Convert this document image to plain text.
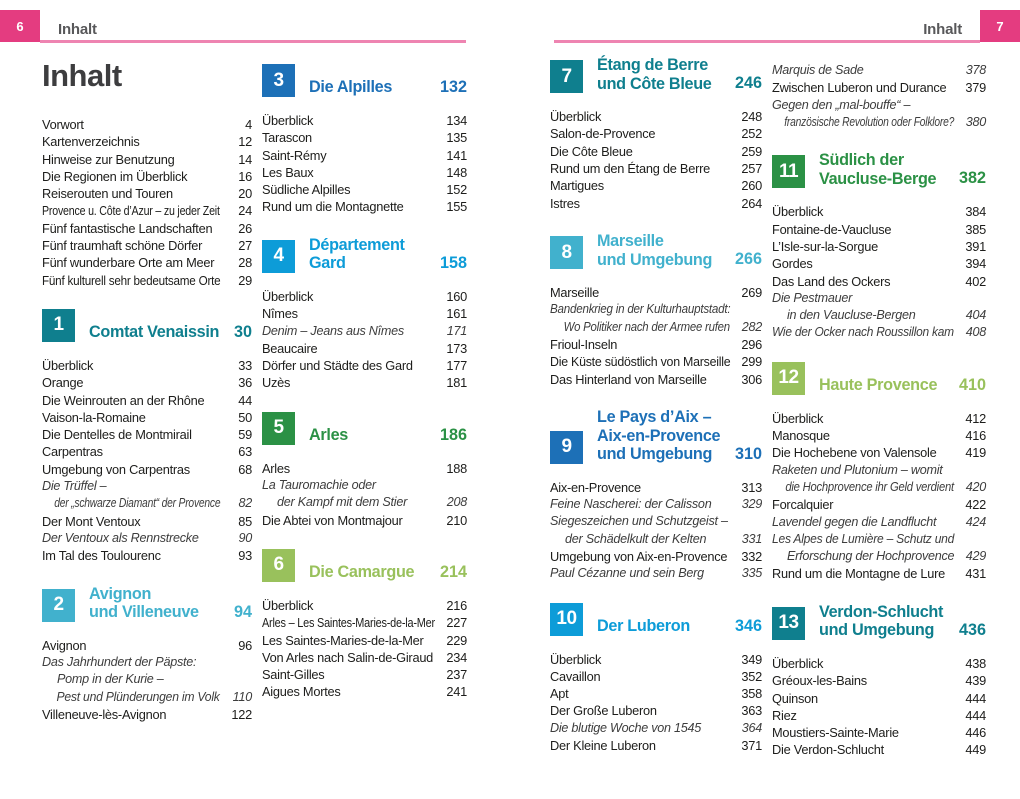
6	Inhalt	7
Inhalt
Inhalt
Vorwort	4
Kartenverzeichnis	12
Hinweise zur Benutzung	14
Die Regionen im Überblick	16
Reiserouten und Touren	20
Provence u. Côte d’Azur – zu jeder Zeit 24
Fünf fantastische Landschaften 26
Fünf traumhaft schöne Dörfer	27
Fünf wunderbare Orte am Meer 28
Fünf kulturell sehr bedeutsame Orte 29
1	Comtat Venaissin 30
Überblick	33
Orange	36
Die Weinrouten an der Rhône	44
Vaison-la-Romaine	50
Die Dentelles de Montmirail	59
Carpentras	63
Umgebung von Carpentras	68
Die Trüffel –
der „schwarze Diamant“ der Provence 82
Der Mont Ventoux	85
Der Ventoux als Rennstrecke	90
Im Tal des Toulourenc	93
2
Avignon
und Villeneuve	94
Avignon	96
Das Jahrhundert der Päpste:
Pomp in der Kurie –
Pest und Plünderungen im Volk 110
Villeneuve-lès-Avignon	122
3	Die Alpilles	132
Überblick	134
Tarascon	135
Saint-Rémy	141
Les Baux	148
Südliche Alpilles	152
Rund um die Montagnette	155
4
Département
Gard	158
Überblick	160
Nîmes	161
Denim – Jeans aus Nîmes	171
Beaucaire	173
Dörfer und Städte des Gard	177
Uzès	181
5	Arles	186
Arles	188
La Tauromachie oder
der Kampf mit dem Stier	208
Die Abtei von Montmajour	210
6	Die Camargue	214
Überblick	216
Arles – Les Saintes-Maries-de-la-Mer 227
Les Saintes-Maries-de-la-Mer 229
Von Arles nach Salin-de-Giraud 234
Saint-Gilles	237
Aigues Mortes	241
7
Étang de Berre
und Côte Bleue	246
Überblick	248
Salon-de-Provence	252
Die Côte Bleue	259
Rund um den Étang de Berre 257
Martigues	260
Istres	264
8
Marseille
und Umgebung	266
Marseille	269
Bandenkrieg in der Kulturhauptstadt:
Wo Politiker nach der Armee rufen 282
Frioul-Inseln	296
Die Küste südöstlich von Marseille 299
Das Hinterland von Marseille	306
9
Le Pays d’Aix –
Aix-en-Provence
und Umgebung	310
Aix-en-Provence	313
Feine Nascherei: der Calisson 329
Siegeszeichen und Schutzgeist –
der Schädelkult der Kelten	331
Umgebung von Aix-en-Provence 332
Paul Cézanne und sein Berg	335
10	Der Luberon	346
Überblick	349
Cavaillon	352
Apt	358
Der Große Luberon	363
Die blutige Woche von 1545	364
Der Kleine Luberon	371
Marquis de Sade	378
Zwischen Luberon und Durance 379
Gegen den „mal-bouffe“ –
französische Revolution oder Folklore? 380
11
Südlich der
Vaucluse-Berge	382
Überblick	384
Fontaine-de-Vaucluse	385
L’Isle-sur-la-Sorgue	391
Gordes	394
Das Land des Ockers	402
Die Pestmauer
in den Vaucluse-Bergen	404
Wie der Ocker nach Roussillon kam 408
12	Haute Provence	410
Überblick	412
Manosque	416
Die Hochebene von Valensole 419
Raketen und Plutonium – womit
die Hochprovence ihr Geld verdient 420
Forcalquier	422
Lavendel gegen die Landflucht 424
Les Alpes de Lumière – Schutz und
Erforschung der Hochprovence 429
Rund um die Montagne de Lure 431
13
Verdon-Schlucht
und Umgebung	436
Überblick	438
Gréoux-les-Bains	439
Quinson	444
Riez	444
Moustiers-Sainte-Marie	446
Die Verdon-Schlucht	449
